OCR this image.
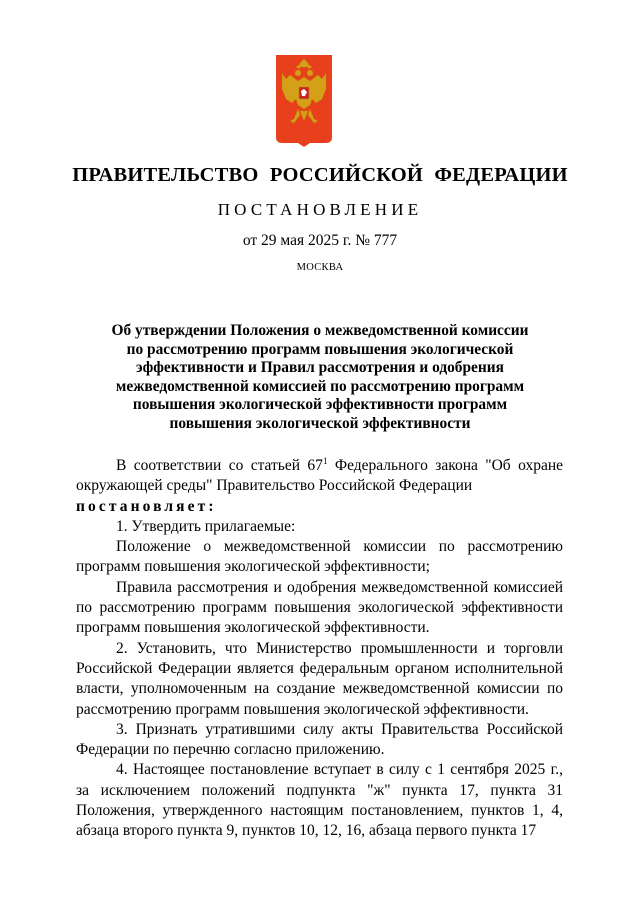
ПРАВИТЕЛЬСТВО РОССИЙСКОЙ ФЕДЕРАЦИИ
ПОСТАНОВЛЕНИЕ
от 29 мая 2025 г. № 777
МОСКВА
Об утверждении Положения о межведомственной комиссии
по рассмотрению программ повышения экологической
эффективности и Правил рассмотрения и одобрения
межведомственной комиссией по рассмотрению программ
повышения экологической эффективности программ
повышения экологической эффективности

В соответствии со статьей $67^1$ Федерального закона "Об охране окружающей среды" Правительство Российской Федерации

постановляет:

1. Утвердить прилагаемые:

Положение о межведомственной комиссии по рассмотрению программ повышения экологической эффективности;

Правила рассмотрения и одобрения межведомственной комиссией по рассмотрению программ повышения экологической эффективности программ повышения экологической эффективности.

2. Установить, что Министерство промышленности и торговли Российской Федерации является федеральным органом исполнительной власти, уполномоченным на создание межведомственной комиссии по рассмотрению программ повышения экологической эффективности.

3. Признать утратившими силу акты Правительства Российской Федерации по перечню согласно приложению.

4. Настоящее постановление вступает в силу с 1 сентября 2025 г., за исключением положений подпункта "ж" пункта 17, пункта 31 Положения, утвержденного настоящим постановлением, пунктов 1, 4, абзаца второго пункта 9, пунктов 10, 12, 16, абзаца первого пункта 17
